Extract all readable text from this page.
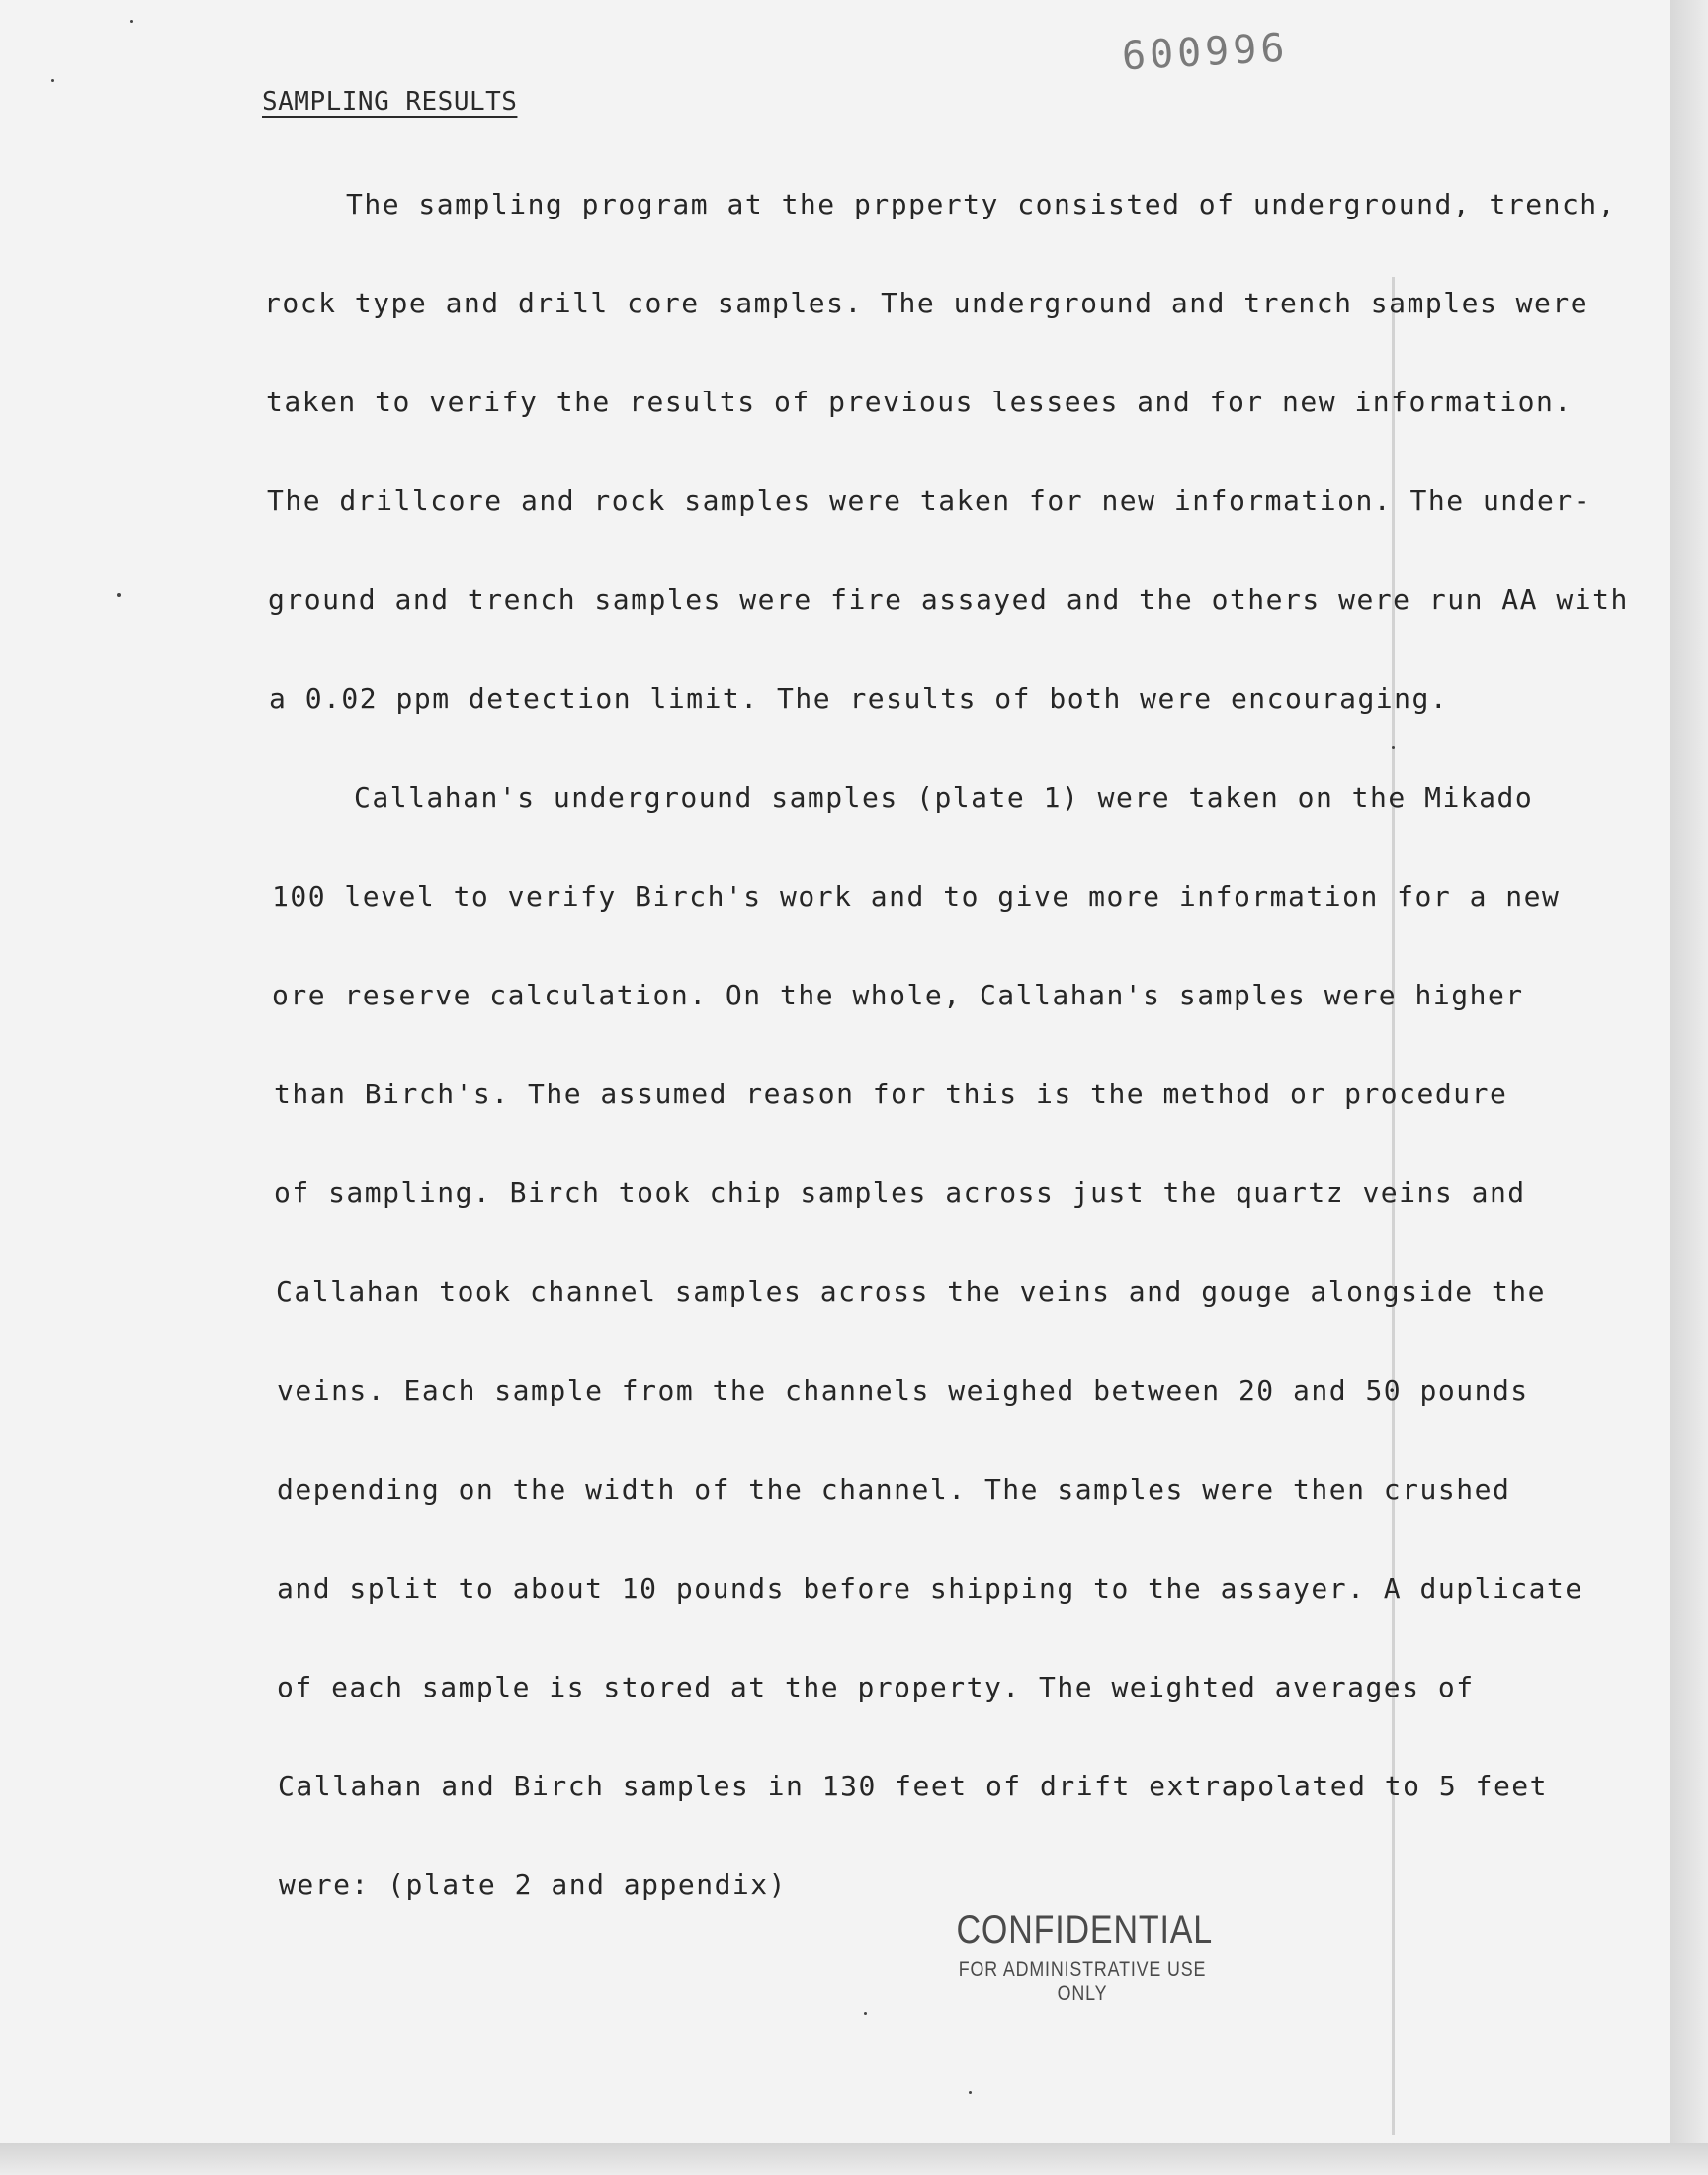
600996
SAMPLING RESULTS
The sampling program at the prpperty consisted of underground, trench,
rock type and drill core samples. The underground and trench samples were
taken to verify the results of previous lessees and for new information.
The drillcore and rock samples were taken for new information. The under-
ground and trench samples were fire assayed and the others were run AA with
a 0.02 ppm detection limit. The results of both were encouraging.
Callahan's underground samples (plate 1) were taken on the Mikado
100 level to verify Birch's work and to give more information for a new
ore reserve calculation. On the whole, Callahan's samples were higher
than Birch's. The assumed reason for this is the method or procedure
of sampling. Birch took chip samples across just the quartz veins and
Callahan took channel samples across the veins and gouge alongside the
veins. Each sample from the channels weighed between 20 and 50 pounds
depending on the width of the channel. The samples were then crushed
and split to about 10 pounds before shipping to the assayer. A duplicate
of each sample is stored at the property. The weighted averages of
Callahan and Birch samples in 130 feet of drift extrapolated to 5 feet
were: (plate 2 and appendix)
CONFIDENTIAL
FOR ADMINISTRATIVE USE ONLY
